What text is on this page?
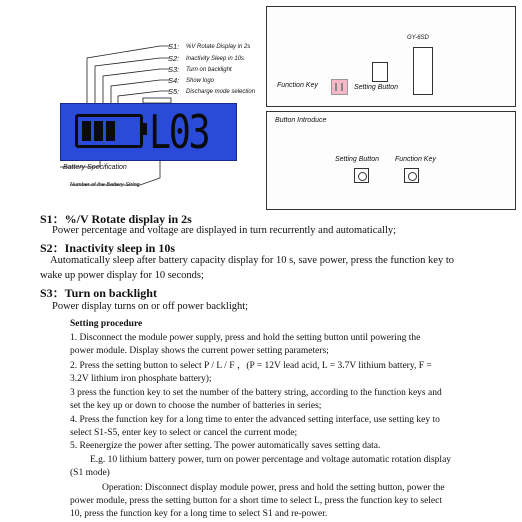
S1:
S2:
S3:
S4:
S5:
%V Rotate Display in 2s
Inactivity Sleep in 10s
Turn on backlight
Show logo
Discharge mode selection
L03
Battery Specification
Number of the Battery String
GY-6SD
Function Key	Setting Button
Button Introduce
Setting Button Function Key
S1：%/V Rotate display in 2s
Power percentage and voltage are displayed in turn recurrently and automatically;
S2：Inactivity sleep in 10s
Automatically sleep after battery capacity display for 10 s, save power, press the function key to
wake up power display for 10 seconds;
S3：Turn on backlight
Power display turns on or off power backlight;
Setting procedure
1. Disconnect the module power supply, press and hold the setting button until powering the
power module. Display shows the current power setting parameters;
2. Press the setting button to select P / L / F ，(P = 12V lead acid, L = 3.7V lithium battery, F =
3.2V lithium iron phosphate battery);
3 press the function key to set the number of the battery string, according to the function keys and
set the key up or down to choose the number of batteries in series;
4. Press the function key for a long time to enter the advanced setting interface, use setting key to
select S1-S5, enter key to select or cancel the current mode;
5. Reenergize the power after setting. The power automatically saves setting data.
E.g. 10 lithium battery power, turn on power percentage and voltage automatic rotation display
(S1 mode)
Operation: Disconnect display module power, press and hold the setting button, power the
power module, press the setting button for a short time to select L, press the function key to select
10, press the function key for a long time to select S1 and re-power.
